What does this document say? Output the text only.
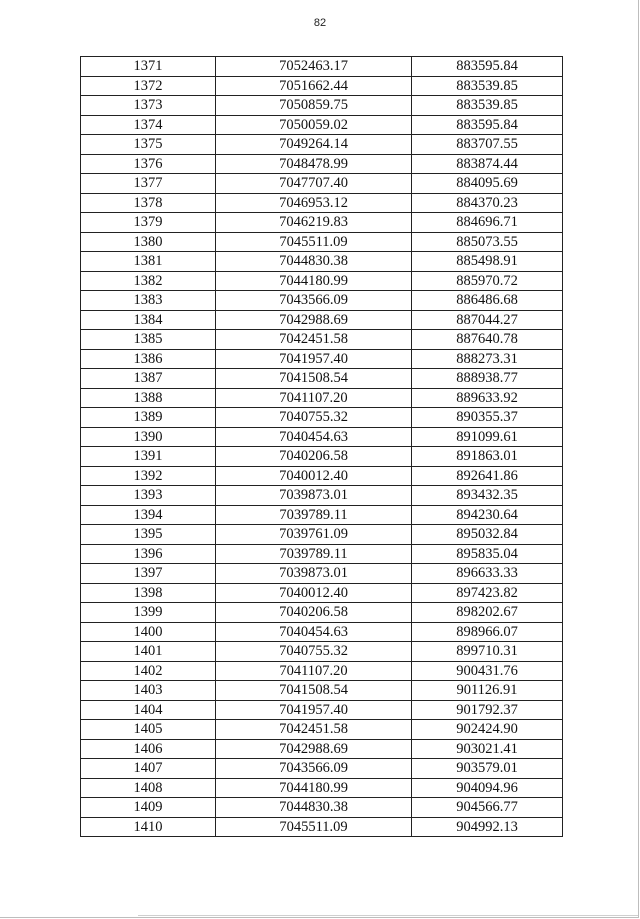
82
1371	7052463.17	883595.84
1372	7051662.44	883539.85
1373	7050859.75	883539.85
1374	7050059.02	883595.84
1375	7049264.14	883707.55
1376	7048478.99	883874.44
1377	7047707.40	884095.69
1378	7046953.12	884370.23
1379	7046219.83	884696.71
1380	7045511.09	885073.55
1381	7044830.38	885498.91
1382	7044180.99	885970.72
1383	7043566.09	886486.68
1384	7042988.69	887044.27
1385	7042451.58	887640.78
1386	7041957.40	888273.31
1387	7041508.54	888938.77
1388	7041107.20	889633.92
1389	7040755.32	890355.37
1390	7040454.63	891099.61
1391	7040206.58	891863.01
1392	7040012.40	892641.86
1393	7039873.01	893432.35
1394	7039789.11	894230.64
1395	7039761.09	895032.84
1396	7039789.11	895835.04
1397	7039873.01	896633.33
1398	7040012.40	897423.82
1399	7040206.58	898202.67
1400	7040454.63	898966.07
1401	7040755.32	899710.31
1402	7041107.20	900431.76
1403	7041508.54	901126.91
1404	7041957.40	901792.37
1405	7042451.58	902424.90
1406	7042988.69	903021.41
1407	7043566.09	903579.01
1408	7044180.99	904094.96
1409	7044830.38	904566.77
1410	7045511.09	904992.13
